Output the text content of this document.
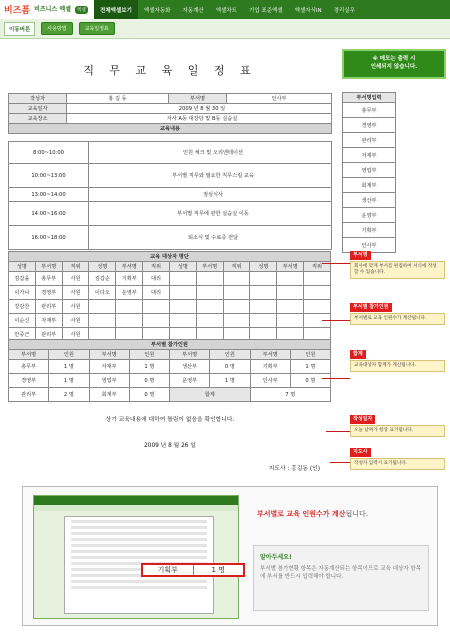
비즈폼 비즈니스 엑셀	엑셀	전체엑셀보기	엑셀자동화	자동계산	엑셀차트	기업 표준엑셀	엑셀자식IN	경리실무
이동버튼	사용방법	교육일정표
※ 메모는 출력 시
인쇄되지 않습니다.
직 무 교 육 일 정 표
작성자	홍 길 동	부서명	인사부
교육일자	2009 년 8 월 30 일		
교육장소	자사 A동 대강당 및 B동 실습실		
교육내용			
8:00~10:00	인원 체크 및 오리엔테이션
10:00~13:00	부서별 직무와 필요한 직무스킬 교육
13:00~14:00	점심식사
14:00~16:00	부서별 직무에 관한 실습실 이동
16:00~18:00	퇴소식 및 수료증 전달
교육 대상자 명단											
성명	부서명	직위	성명	부서명	직위	성명	부서명	직위	성명	부서명	직위
김갑을	총무부	사원	김갑순	기획부	대리						
이가나	경영부	사원	이다오	운영부	대리						
강감찬	관리부	사원									
이순신	자재부	사원									
안중근	관리부	사원									
부서별 참가인원							
부서명	인원	부서명	인원	부서명	인원	부서명	인원
총무부	1 명	자재부	1 명	생산부	0 명	기획부	1 명
경영부	1 명	영업부	0 명	운영부	1 명	인사부	0 명
관리부	2 명	회계부	0 명	합계		7 명	
상기 교육내용에 대하여 틀림이 없음을 확인합니다.
2009 년 8 월 26 일
지도사 : 홍길동 (인)
부서명입력
총무부
경영부
관리부
자재부
영업부
회계부
생산부
운영부
기획부
인사부
부서명
회사에 맞게 부서를 편집하여 서식에 작성할 수 있습니다.
부서별 참가인원
부서별로 교육 인원수가 계산됩니다.
합계
교육대상자 합계가 계산됩니다.
작성일자
오늘 날짜가 항상 표기됩니다.
지도사
작성자 입력시 표기됩니다.
기획부	1 명
부서별로 교육 인원수가 계산됩니다.
알아두세요!
부서별 참가현황 항목은 자동계산되는 항목이므로 교육 대상자 항목에 부서를 반드시 입력해야 합니다.
